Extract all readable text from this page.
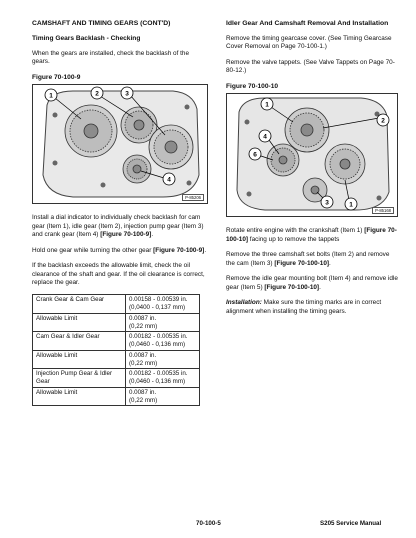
CAMSHAFT AND TIMING GEARS (CONT'D)
Timing Gears Backlash - Checking

When the gears are installed, check the backlash of the gears.

Figure 70-100-9
1	2	3
4
P-85206

Install a dial indicator to individually check backlash for cam gear (Item 1), idle gear (Item 2), injection pump gear (Item 3) and crank gear (Item 4) [Figure 70-100-9].

Hold one gear while turning the other gear [Figure 70-100-9].

If the backlash exceeds the allowable limit, check the oil clearance of the shaft and gear. If the oil clearance is correct, replace the gear.

Crank Gear & Cam Gear	0.00158 - 0.00539 in.
(0,0400 - 0,137 mm)

Allowable Limit	0.0087 in.
(0,22 mm)

Cam Gear & Idler Gear	0.00182 - 0.00535 in.
(0,0460 - 0,136 mm)

Allowable Limit	0.0087 in.
(0,22 mm)

Injection Pump Gear & Idler Gear	0.00182 - 0.00535 in.
(0,0460 - 0,136 mm)

Allowable Limit	0.0087 in.
(0,22 mm)
Idler Gear And Camshaft Removal And Installation

Remove the timing gearcase cover. (See Timing Gearcase Cover Removal on Page 70-100-1.)

Remove the valve tappets. (See Valve Tappets on Page 70-80-12.)

Figure 70-100-10
1
2
4
6
3	1
P-85168

Rotate entire engine with the crankshaft (Item 1) [Figure 70-100-10] facing up to remove the tappets

Remove the three camshaft set bolts (Item 2) and remove the cam (Item 3) [Figure 70-100-10].

Remove the idle gear mounting bolt (Item 4) and remove idle gear (Item 5) [Figure 70-100-10].

Installation: Make sure the timing marks are in correct alignment when installing the timing gears.

70-100-5	S205 Service Manual
